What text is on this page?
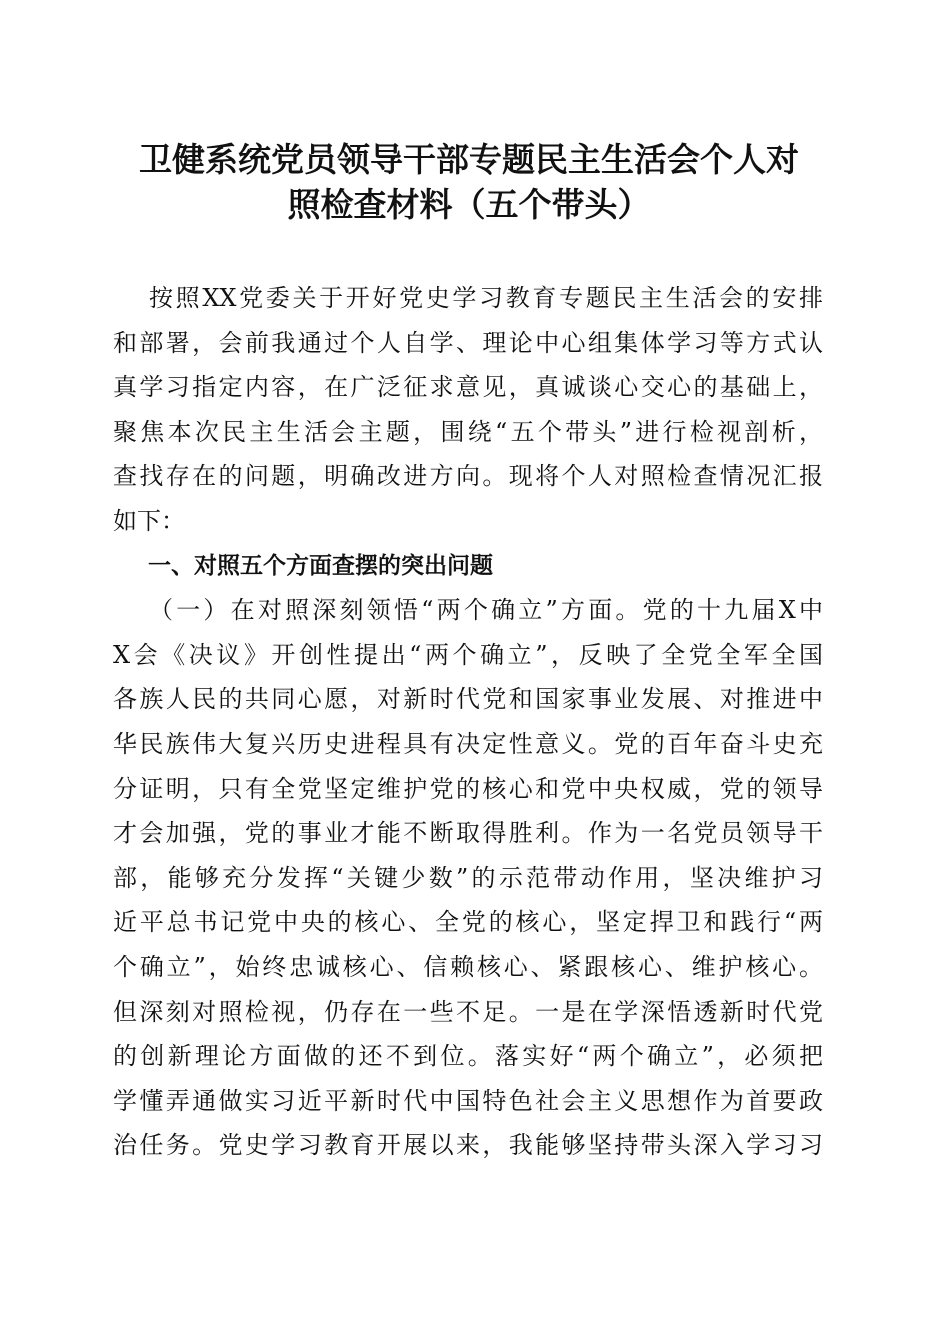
卫健系统党员领导干部专题民主生活会个人对
照检查材料（五个带头）
按照XX党委关于开好党史学习教育专题民主生活会的安排
和部署，会前我通过个人自学、理论中心组集体学习等方式认
真学习指定内容，在广泛征求意见，真诚谈心交心的基础上，
聚焦本次民主生活会主题，围绕“五个带头”进行检视剖析，
查找存在的问题，明确改进方向。现将个人对照检查情况汇报
如下：
一、对照五个方面查摆的突出问题
（一）在对照深刻领悟“两个确立”方面。党的十九届X中
X会《决议》开创性提出“两个确立”，反映了全党全军全国
各族人民的共同心愿，对新时代党和国家事业发展、对推进中
华民族伟大复兴历史进程具有决定性意义。党的百年奋斗史充
分证明，只有全党坚定维护党的核心和党中央权威，党的领导
才会加强，党的事业才能不断取得胜利。作为一名党员领导干
部，能够充分发挥“关键少数”的示范带动作用，坚决维护习
近平总书记党中央的核心、全党的核心，坚定捍卫和践行“两
个确立”，始终忠诚核心、信赖核心、紧跟核心、维护核心。
但深刻对照检视，仍存在一些不足。一是在学深悟透新时代党
的创新理论方面做的还不到位。落实好“两个确立”，必须把
学懂弄通做实习近平新时代中国特色社会主义思想作为首要政
治任务。党史学习教育开展以来，我能够坚持带头深入学习习
